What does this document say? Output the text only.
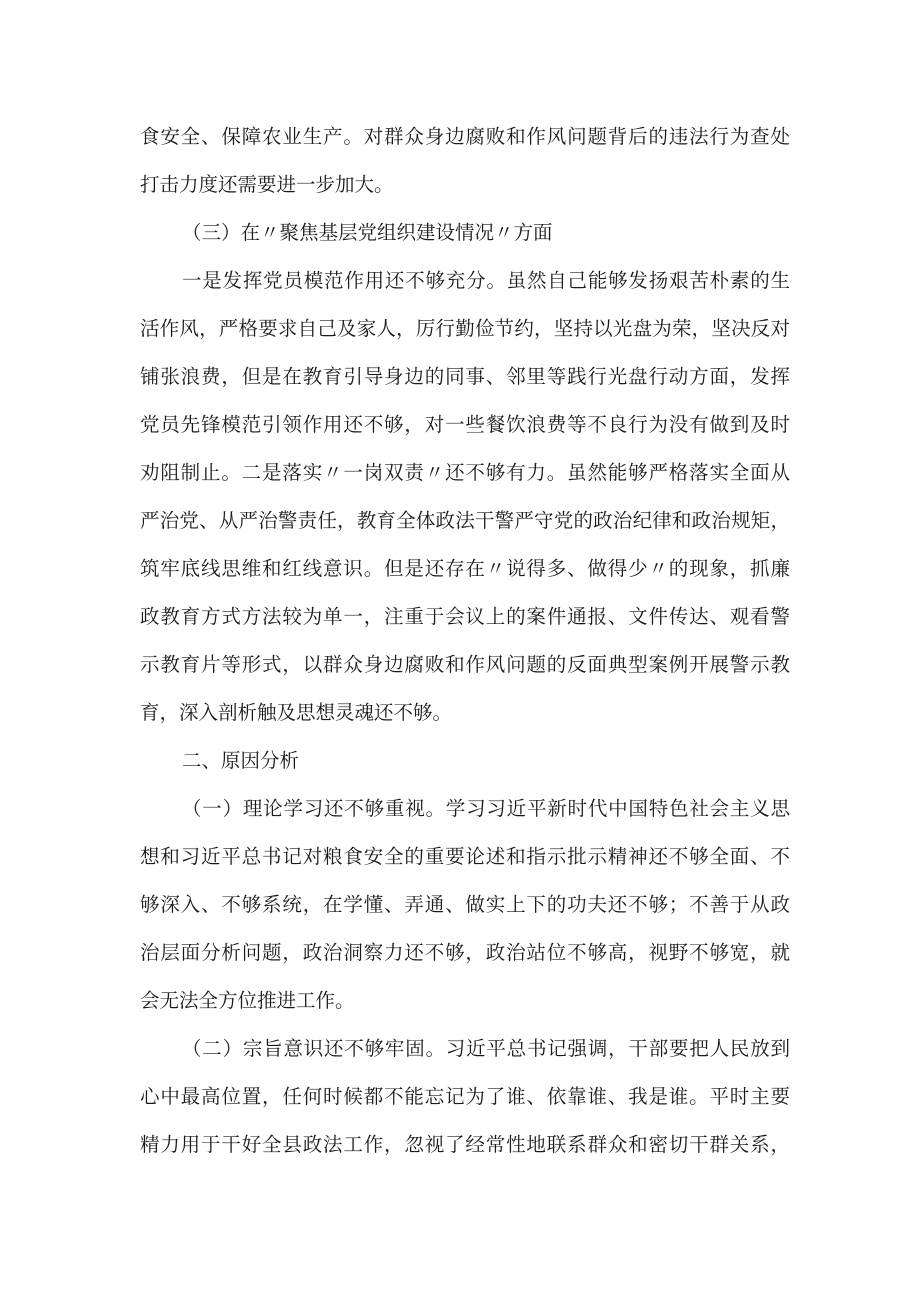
食安全、保障农业生产。对群众身边腐败和作风问题背后的违法行为查处
打击力度还需要进一步加大。
（三）在〃聚焦基层党组织建设情况〃方面
一是发挥党员模范作用还不够充分。虽然自己能够发扬艰苦朴素的生
活作风，严格要求自己及家人，厉行勤俭节约，坚持以光盘为荣，坚决反对
铺张浪费，但是在教育引导身边的同事、邻里等践行光盘行动方面，发挥
党员先锋模范引领作用还不够，对一些餐饮浪费等不良行为没有做到及时
劝阻制止。二是落实〃一岗双责〃还不够有力。虽然能够严格落实全面从
严治党、从严治警责任，教育全体政法干警严守党的政治纪律和政治规矩，
筑牢底线思维和红线意识。但是还存在〃说得多、做得少〃的现象，抓廉
政教育方式方法较为单一，注重于会议上的案件通报、文件传达、观看警
示教育片等形式，以群众身边腐败和作风问题的反面典型案例开展警示教
育，深入剖析触及思想灵魂还不够。
二、原因分析
（一）理论学习还不够重视。学习习近平新时代中国特色社会主义思
想和习近平总书记对粮食安全的重要论述和指示批示精神还不够全面、不
够深入、不够系统，在学懂、弄通、做实上下的功夫还不够；不善于从政
治层面分析问题，政治洞察力还不够，政治站位不够高，视野不够宽，就
会无法全方位推进工作。
（二）宗旨意识还不够牢固。习近平总书记强调，干部要把人民放到
心中最高位置，任何时候都不能忘记为了谁、依靠谁、我是谁。平时主要
精力用于干好全县政法工作，忽视了经常性地联系群众和密切干群关系，
